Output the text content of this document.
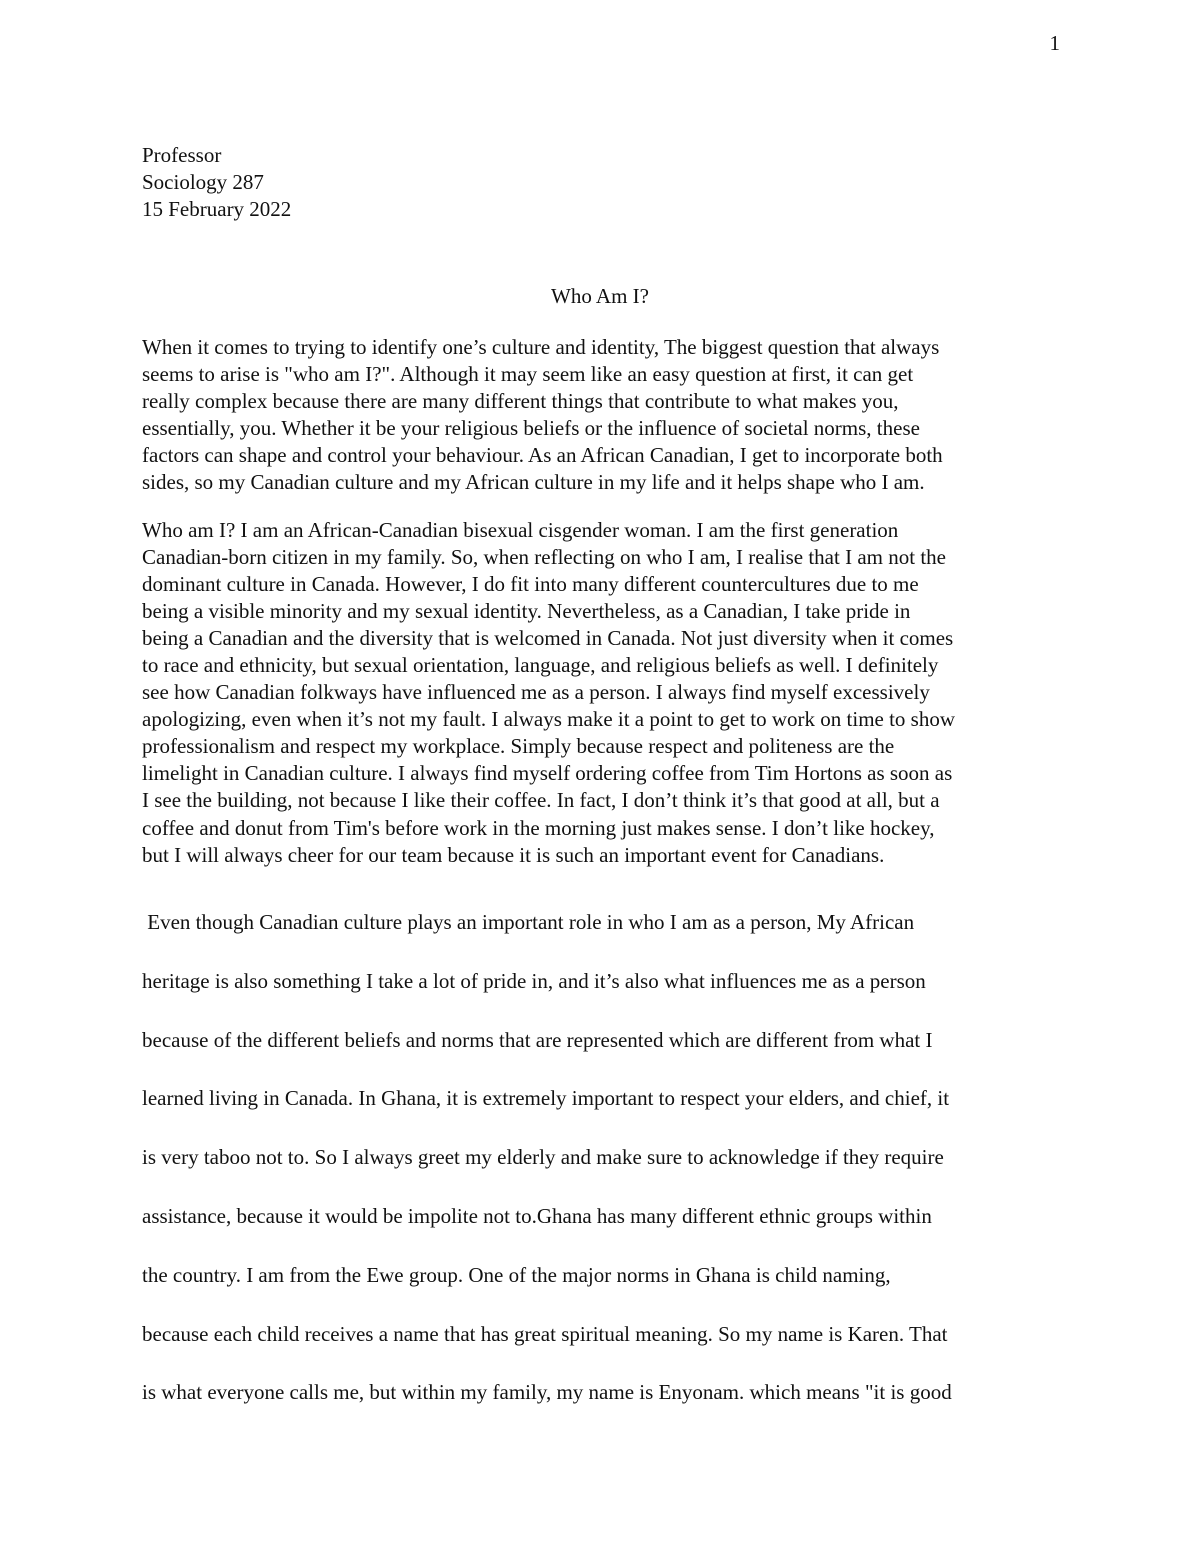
1
Professor
Sociology 287
15 February 2022
Who Am I?
When it comes to trying to identify one’s culture and identity, The biggest question that always
seems to arise is "who am I?". Although it may seem like an easy question at first, it can get
really complex because there are many different things that contribute to what makes you,
essentially, you. Whether it be your religious beliefs or the influence of societal norms, these
factors can shape and control your behaviour. As an African Canadian, I get to incorporate both
sides, so my Canadian culture and my African culture in my life and it helps shape who I am.
Who am I? I am an African-Canadian bisexual cisgender woman. I am the first generation
Canadian-born citizen in my family. So, when reflecting on who I am, I realise that I am not the
dominant culture in Canada. However, I do fit into many different countercultures due to me
being a visible minority and my sexual identity. Nevertheless, as a Canadian, I take pride in
being a Canadian and the diversity that is welcomed in Canada. Not just diversity when it comes
to race and ethnicity, but sexual orientation, language, and religious beliefs as well. I definitely
see how Canadian folkways have influenced me as a person. I always find myself excessively
apologizing, even when it’s not my fault. I always make it a point to get to work on time to show
professionalism and respect my workplace. Simply because respect and politeness are the
limelight in Canadian culture. I always find myself ordering coffee from Tim Hortons as soon as
I see the building, not because I like their coffee. In fact, I don’t think it’s that good at all, but a
coffee and donut from Tim's before work in the morning just makes sense. I don’t like hockey,
but I will always cheer for our team because it is such an important event for Canadians.
Even though Canadian culture plays an important role in who I am as a person, My African
heritage is also something I take a lot of pride in, and it’s also what influences me as a person
because of the different beliefs and norms that are represented which are different from what I
learned living in Canada. In Ghana, it is extremely important to respect your elders, and chief, it
is very taboo not to. So I always greet my elderly and make sure to acknowledge if they require
assistance, because it would be impolite not to.Ghana has many different ethnic groups within
the country. I am from the Ewe group. One of the major norms in Ghana is child naming,
because each child receives a name that has great spiritual meaning. So my name is Karen. That
is what everyone calls me, but within my family, my name is Enyonam. which means "it is good
